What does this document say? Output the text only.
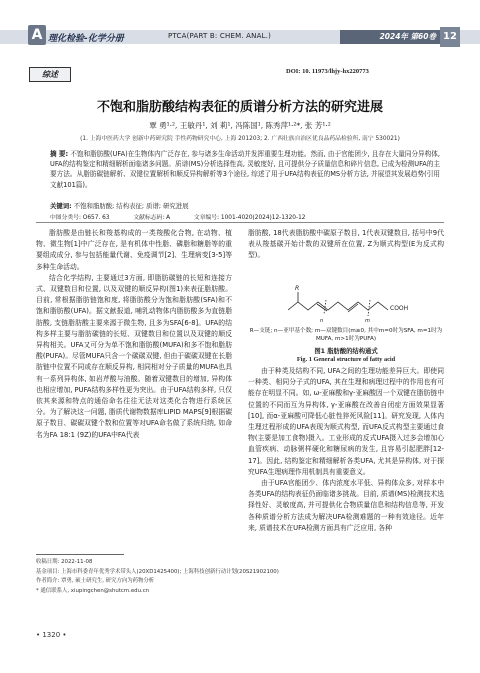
A 理化检验-化学分册	PTCA(PART B: CHEM. ANAL.)	2024年 第60卷 12
综述	DOI: 10. 11973/lhjy-hx220773
不饱和脂肪酸结构表征的质谱分析方法的研究进展
覃 勇¹·², 王敏丹¹, 刘 莉¹, 冯陈国¹, 陈秀萍¹·²*, 张 芳¹·²
(1. 上海中医药大学 创新中药研究院 手性药物研究中心, 上海 201203; 2. 广西壮族自治区优良品药品检验所, 南宁 530021)
摘 要: 不饱和脂肪酸(UFA)在生物体内广泛存在, 参与诸多生命活动并发挥重要生理功能。然而, 由于官能团少, 且存在大量同分异构体, UFA的结构鉴定和精细解析面临诸多问题。质谱(MS)分析选择性高, 灵敏度好, 且可提供分子质量信息和碎片信息, 已成为检测UFA的主要方法。从脂肪碳链解析、双键位置解析和顺反异构解析等3个途径, 综述了用于UFA结构表征的MS分析方法, 并展望其发展趋势(引用文献101篇)。
关键词: 不饱和脂肪酸; 结构表征; 质谱; 研究进展
中图分类号: O657. 63	文献标志码: A	文章编号: 1001-4020(2024)12-1320-12

脂肪酸是由链长和羧基构成的一类羧酸化合物, 在动物、植物、微生物[1]中广泛存在, 是有机体中性脂、磷脂和糖脂等的重要组成成分, 参与包括能量代谢、免疫调节[2]、生理病变[3-5]等多种生命活动。

结合化学结构, 主要通过3方面, 即脂肪碳链的长短和连接方式、双键数目和位置, 以及双键的顺反异构(图1)来表征脂肪酸。目前, 常根据脂肪链饱和度, 将脂肪酸分为饱和脂肪酸(SFA)和不饱和脂肪酸(UFA)。据文献报道, 哺乳动物体内脂肪酸多为直链脂肪酸, 支链脂肪酸主要来源于微生物, 且多为SFA[6-8]。UFA的结构多样主要与脂肪碳链的长短、双键数目和位置以及双键的顺反异构相关。UFA又可分为单不饱和脂肪酸(MUFA)和多不饱和脂肪酸(PUFA)。尽管MUFA只含一个碳碳双键, 但由于碳碳双键在长脂肪链中位置不同或存在顺反异构, 相同相对分子质量的MUFA也具有一系列异构体, 如岩芹酸与油酸。随着双键数目的增加, 异构体也相应增加, PUFA结构多样性更为突出。由于UFA结构多样, 只仅依其来源和特点的通俗命名往往无法对这类化合物进行系统区分。为了解决这一问题, 脂质代谢物数据库LIPID MAPS[9]根据碳原子数目、碳碳双键个数和位置等对UFA命名做了系统归纳, 如命名为FA 18:1 (9Z)的UFA中FA代表

脂肪酸, 18代表脂肪酸中碳原子数目, 1代表双键数目, 括号中9代表从羧基碳开始计数的双键所在位置, Z为顺式构型(E为反式构型)。

R
COOH
n	m
R—支链; n—亚甲基个数; m—双键数目(m≥0, 其中m=0时为SFA, m=1时为MUFA, m>1时为PUFA)
图1 脂肪酸的结构通式
Fig. 1 General structure of fatty acid

由于种类及结构不同, UFA之间的生理功能差异巨大。即使同一种类、相同分子式的UFA, 其在生理和病理过程中的作用也有可能存在明显不同。如, ω-亚麻酸和γ-亚麻酸因一个双键在脂肪链中位置的不同而互为异构体, γ-亚麻酸在改善自闭症方面效果显著[10], 而α-亚麻酸可降低心脏性猝死风险[11]。研究发现, 人体内生理过程形成的UFA表现为顺式构型, 而UFA反式构型主要通过食物(主要是加工食物)摄入。工业形成的反式UFA摄入过多会增加心血管疾病、动脉粥样硬化和糖尿病的发生, 且容易引起肥胖[12-17]。因此, 结构鉴定和精细解析各类UFA, 尤其是异构体, 对于探究UFA生理病理作用机制具有重要意义。

由于UFA官能团少、体内浓度水平低、异构体众多, 对样本中各类UFA的结构表征仍面临诸多挑战。目前, 质谱(MS)检测技术选择性好、灵敏度高, 并可提供化合物质量信息和结构信息等, 开发各种质谱分析方法成为解决UFA检测难题的一种有效途径。近年来, 质谱技术在UFA检测方面具有广泛应用, 各种

收稿日期: 2022-11-08
基金项目: 上海市科委青年优秀学术带头人(20XD1425400); 上海科技创新行动计划(20S21902100)
作者简介: 覃勇, 硕士研究生, 研究方向为药物分析
* 通信联系人, xiupingchen@shutcm.edu.cn
• 1320 •
